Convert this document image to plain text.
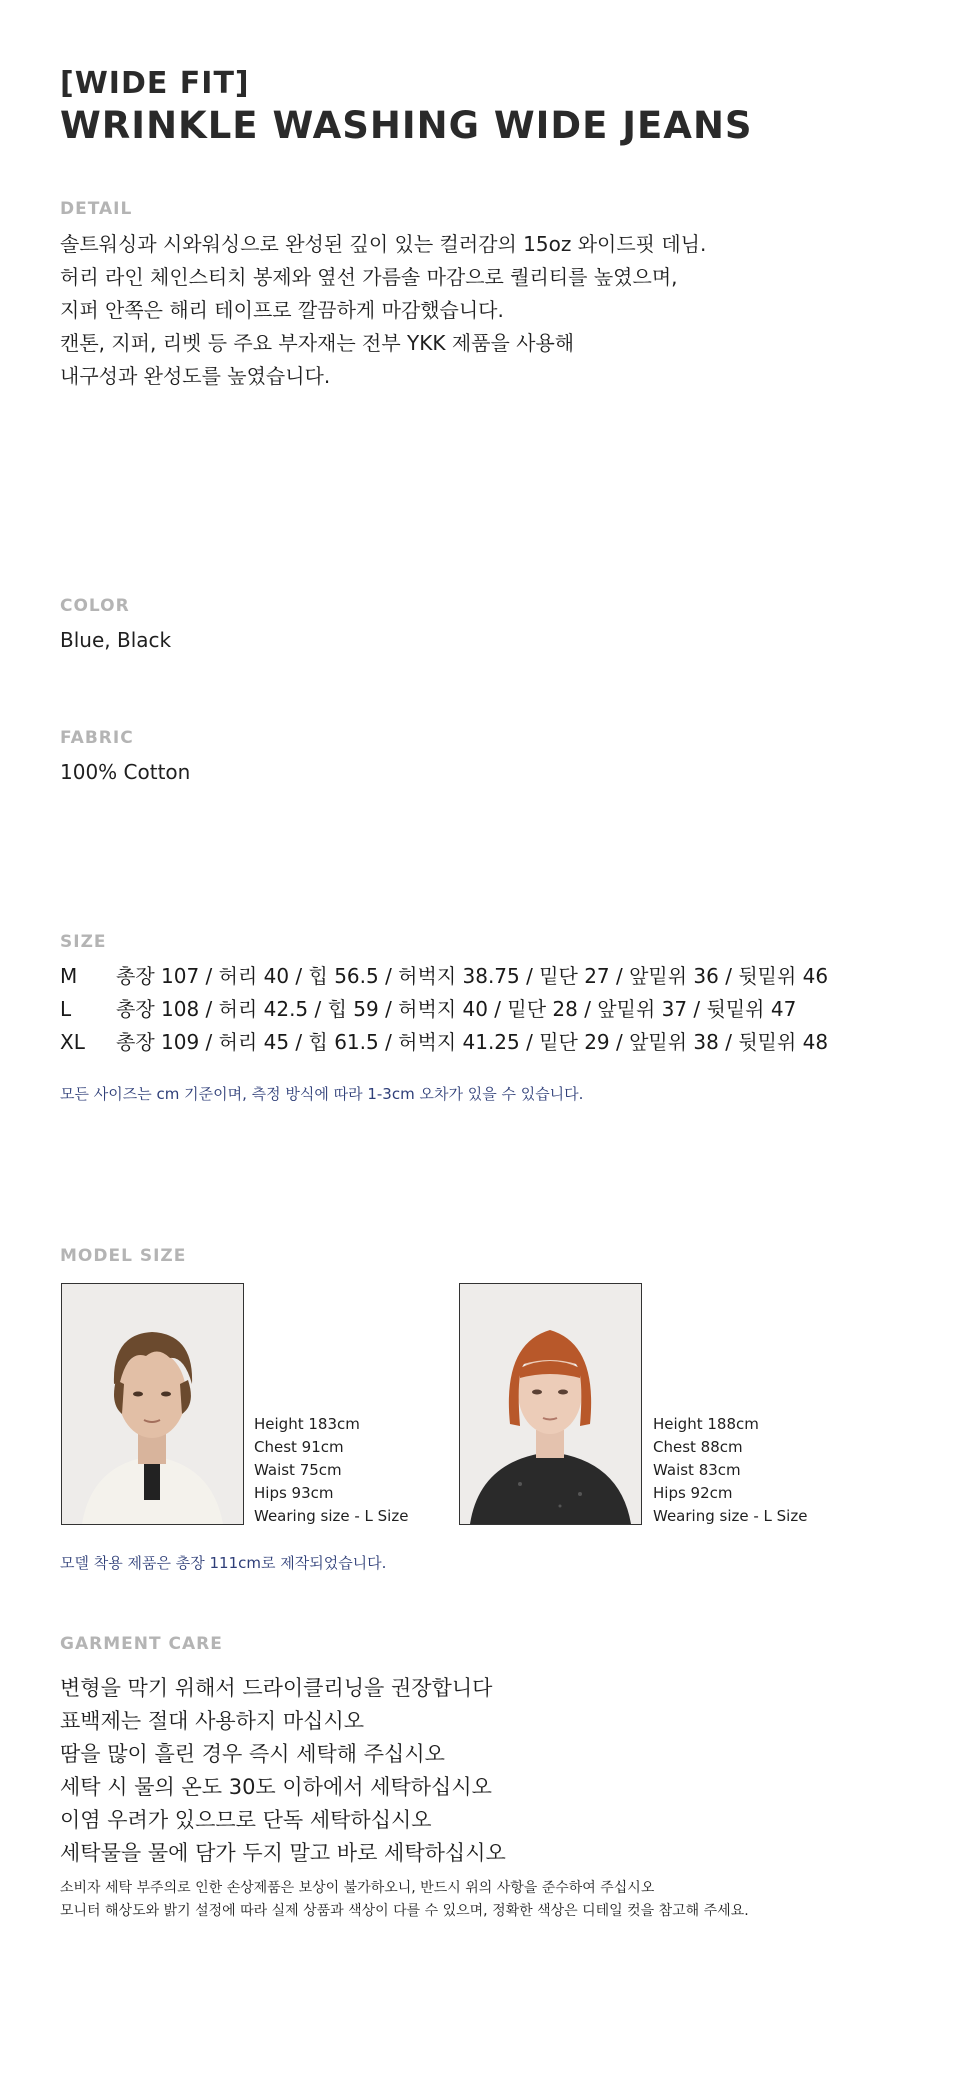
[WIDE FIT]
WRINKLE WASHING WIDE JEANS
DETAIL
솔트워싱과 시와워싱으로 완성된 깊이 있는 컬러감의 15oz 와이드핏 데님.
허리 라인 체인스티치 봉제와 옆선 가름솔 마감으로 퀄리티를 높였으며,
지퍼 안쪽은 해리 테이프로 깔끔하게 마감했습니다.
캔톤, 지퍼, 리벳 등 주요 부자재는 전부 YKK 제품을 사용해
내구성과 완성도를 높였습니다.
COLOR
Blue, Black
FABRIC
100% Cotton
SIZE
M	총장 107 / 허리 40 / 힙 56.5 / 허벅지 38.75 / 밑단 27 / 앞밑위 36 / 뒷밑위 46
L	총장 108 / 허리 42.5 / 힙 59 / 허벅지 40 / 밑단 28 / 앞밑위 37 / 뒷밑위 47
XL	총장 109 / 허리 45 / 힙 61.5 / 허벅지 41.25 / 밑단 29 / 앞밑위 38 / 뒷밑위 48
모든 사이즈는 cm 기준이며, 측정 방식에 따라 1-3cm 오차가 있을 수 있습니다.
MODEL SIZE
Height 183cm
Chest 91cm
Waist 75cm
Hips 93cm
Wearing size - L Size
Height 188cm
Chest 88cm
Waist 83cm
Hips 92cm
Wearing size - L Size
모델 착용 제품은 총장 111cm로 제작되었습니다.
GARMENT CARE
변형을 막기 위해서 드라이클리닝을 권장합니다
표백제는 절대 사용하지 마십시오
땀을 많이 흘린 경우 즉시 세탁해 주십시오
세탁 시 물의 온도 30도 이하에서 세탁하십시오
이염 우려가 있으므로 단독 세탁하십시오
세탁물을 물에 담가 두지 말고 바로 세탁하십시오
소비자 세탁 부주의로 인한 손상제품은 보상이 불가하오니, 반드시 위의 사항을 준수하여 주십시오
모니터 해상도와 밝기 설정에 따라 실제 상품과 색상이 다를 수 있으며, 정확한 색상은 디테일 컷을 참고해 주세요.
